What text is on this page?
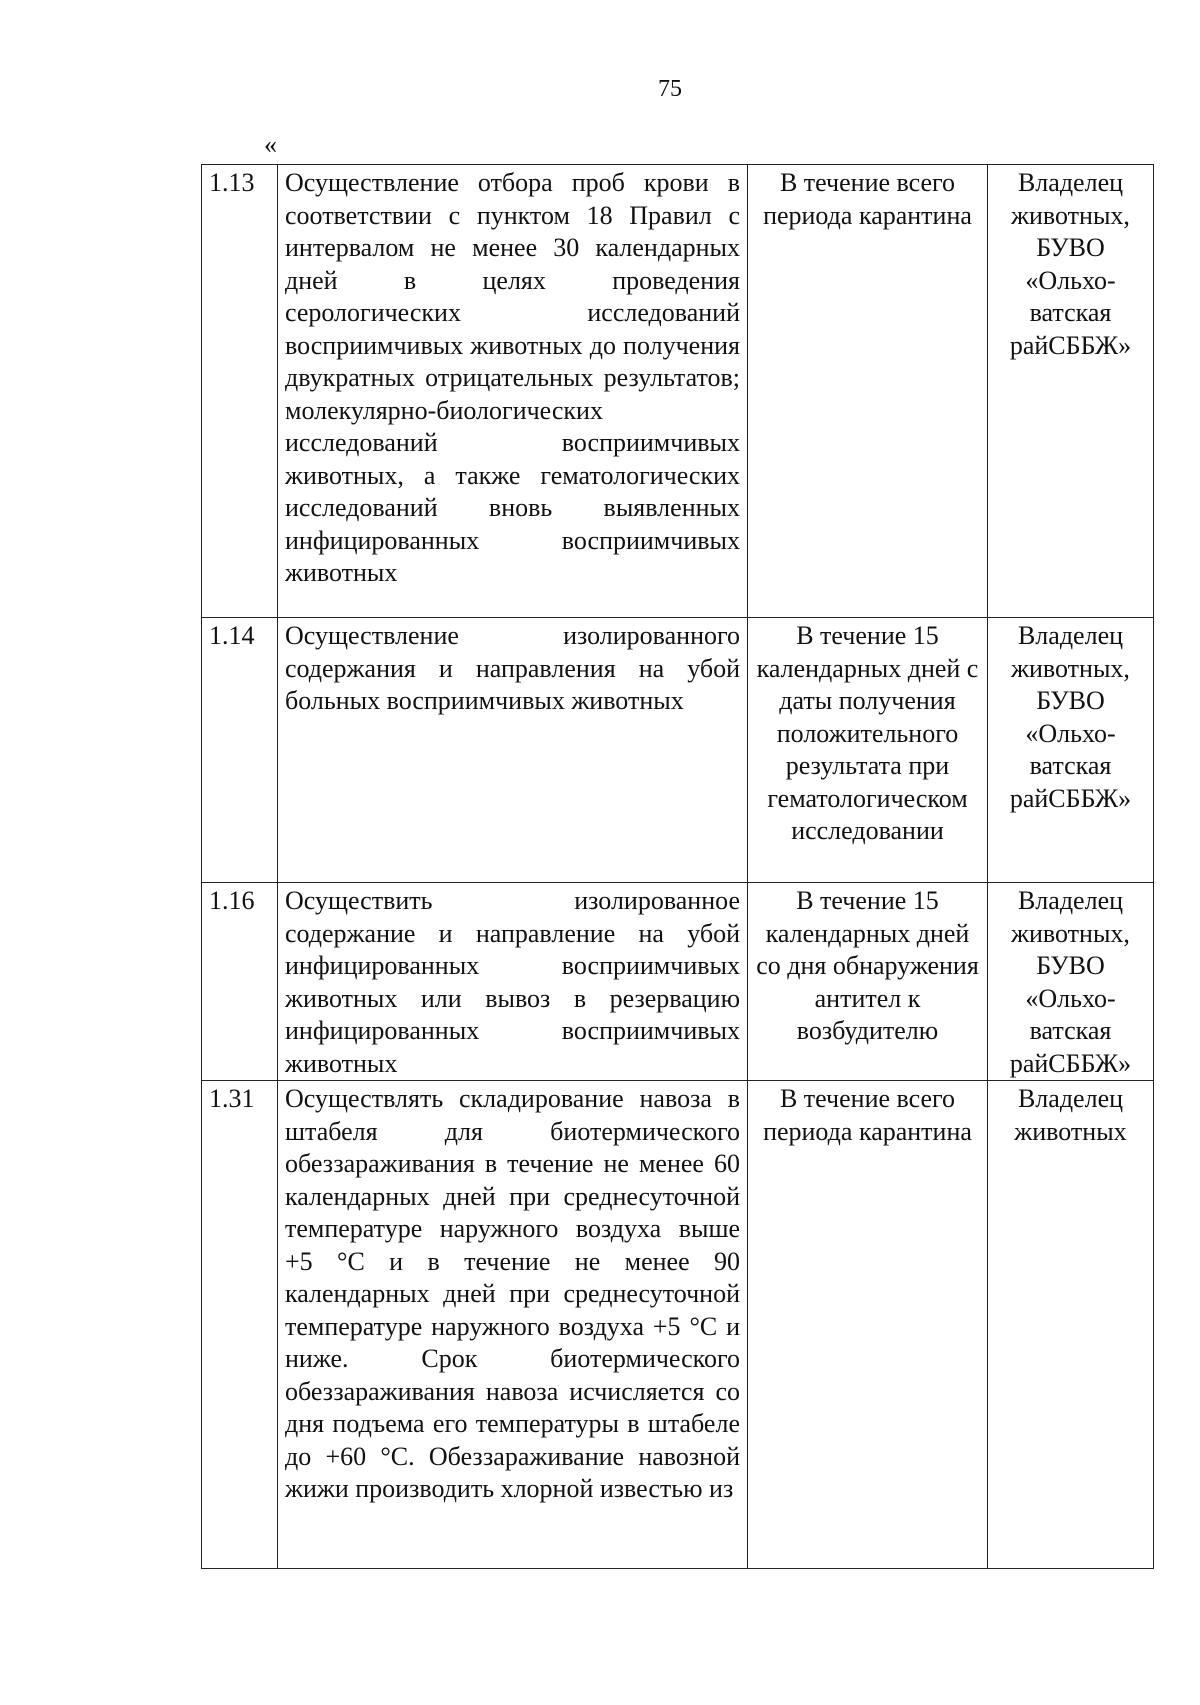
75
«
1.13	Осуществление отбора проб крови в соответствии с пунктом 18 Правил с интервалом не менее 30 календарных дней в целях проведения серологических исследований восприимчивых животных до получения двукратных отрицательных результатов; молекулярно-биологических исследований восприимчивых животных, а также гематологических исследований вновь выявленных инфицированных восприимчивых животных	В течение всего периода карантина	Владелец животных, БУВО «Ольхо-ватская райСББЖ»
1.14	Осуществление изолированного содержания и направления на убой больных восприимчивых животных	В течение 15 календарных дней с даты получения положительного результата при гематологическом исследовании	Владелец животных, БУВО «Ольхо-ватская райСББЖ»
1.16	Осуществить изолированное содержание и направление на убой инфицированных восприимчивых животных или вывоз в резервацию инфицированных восприимчивых животных	В течение 15 календарных дней со дня обнаружения антител к возбудителю	Владелец животных, БУВО «Ольхо-ватская райСББЖ»
1.31	Осуществлять складирование навоза в штабеля для биотермического обеззараживания в течение не менее 60 календарных дней при среднесуточной температуре наружного воздуха выше +5 °С и в течение не менее 90 календарных дней при среднесуточной температуре наружного воздуха +5 °С и ниже. Срок биотермического обеззараживания навоза исчисляется со дня подъема его температуры в штабеле до +60 °С. Обеззараживание навозной жижи производить хлорной известью из	В течение всего периода карантина	Владелец животных
